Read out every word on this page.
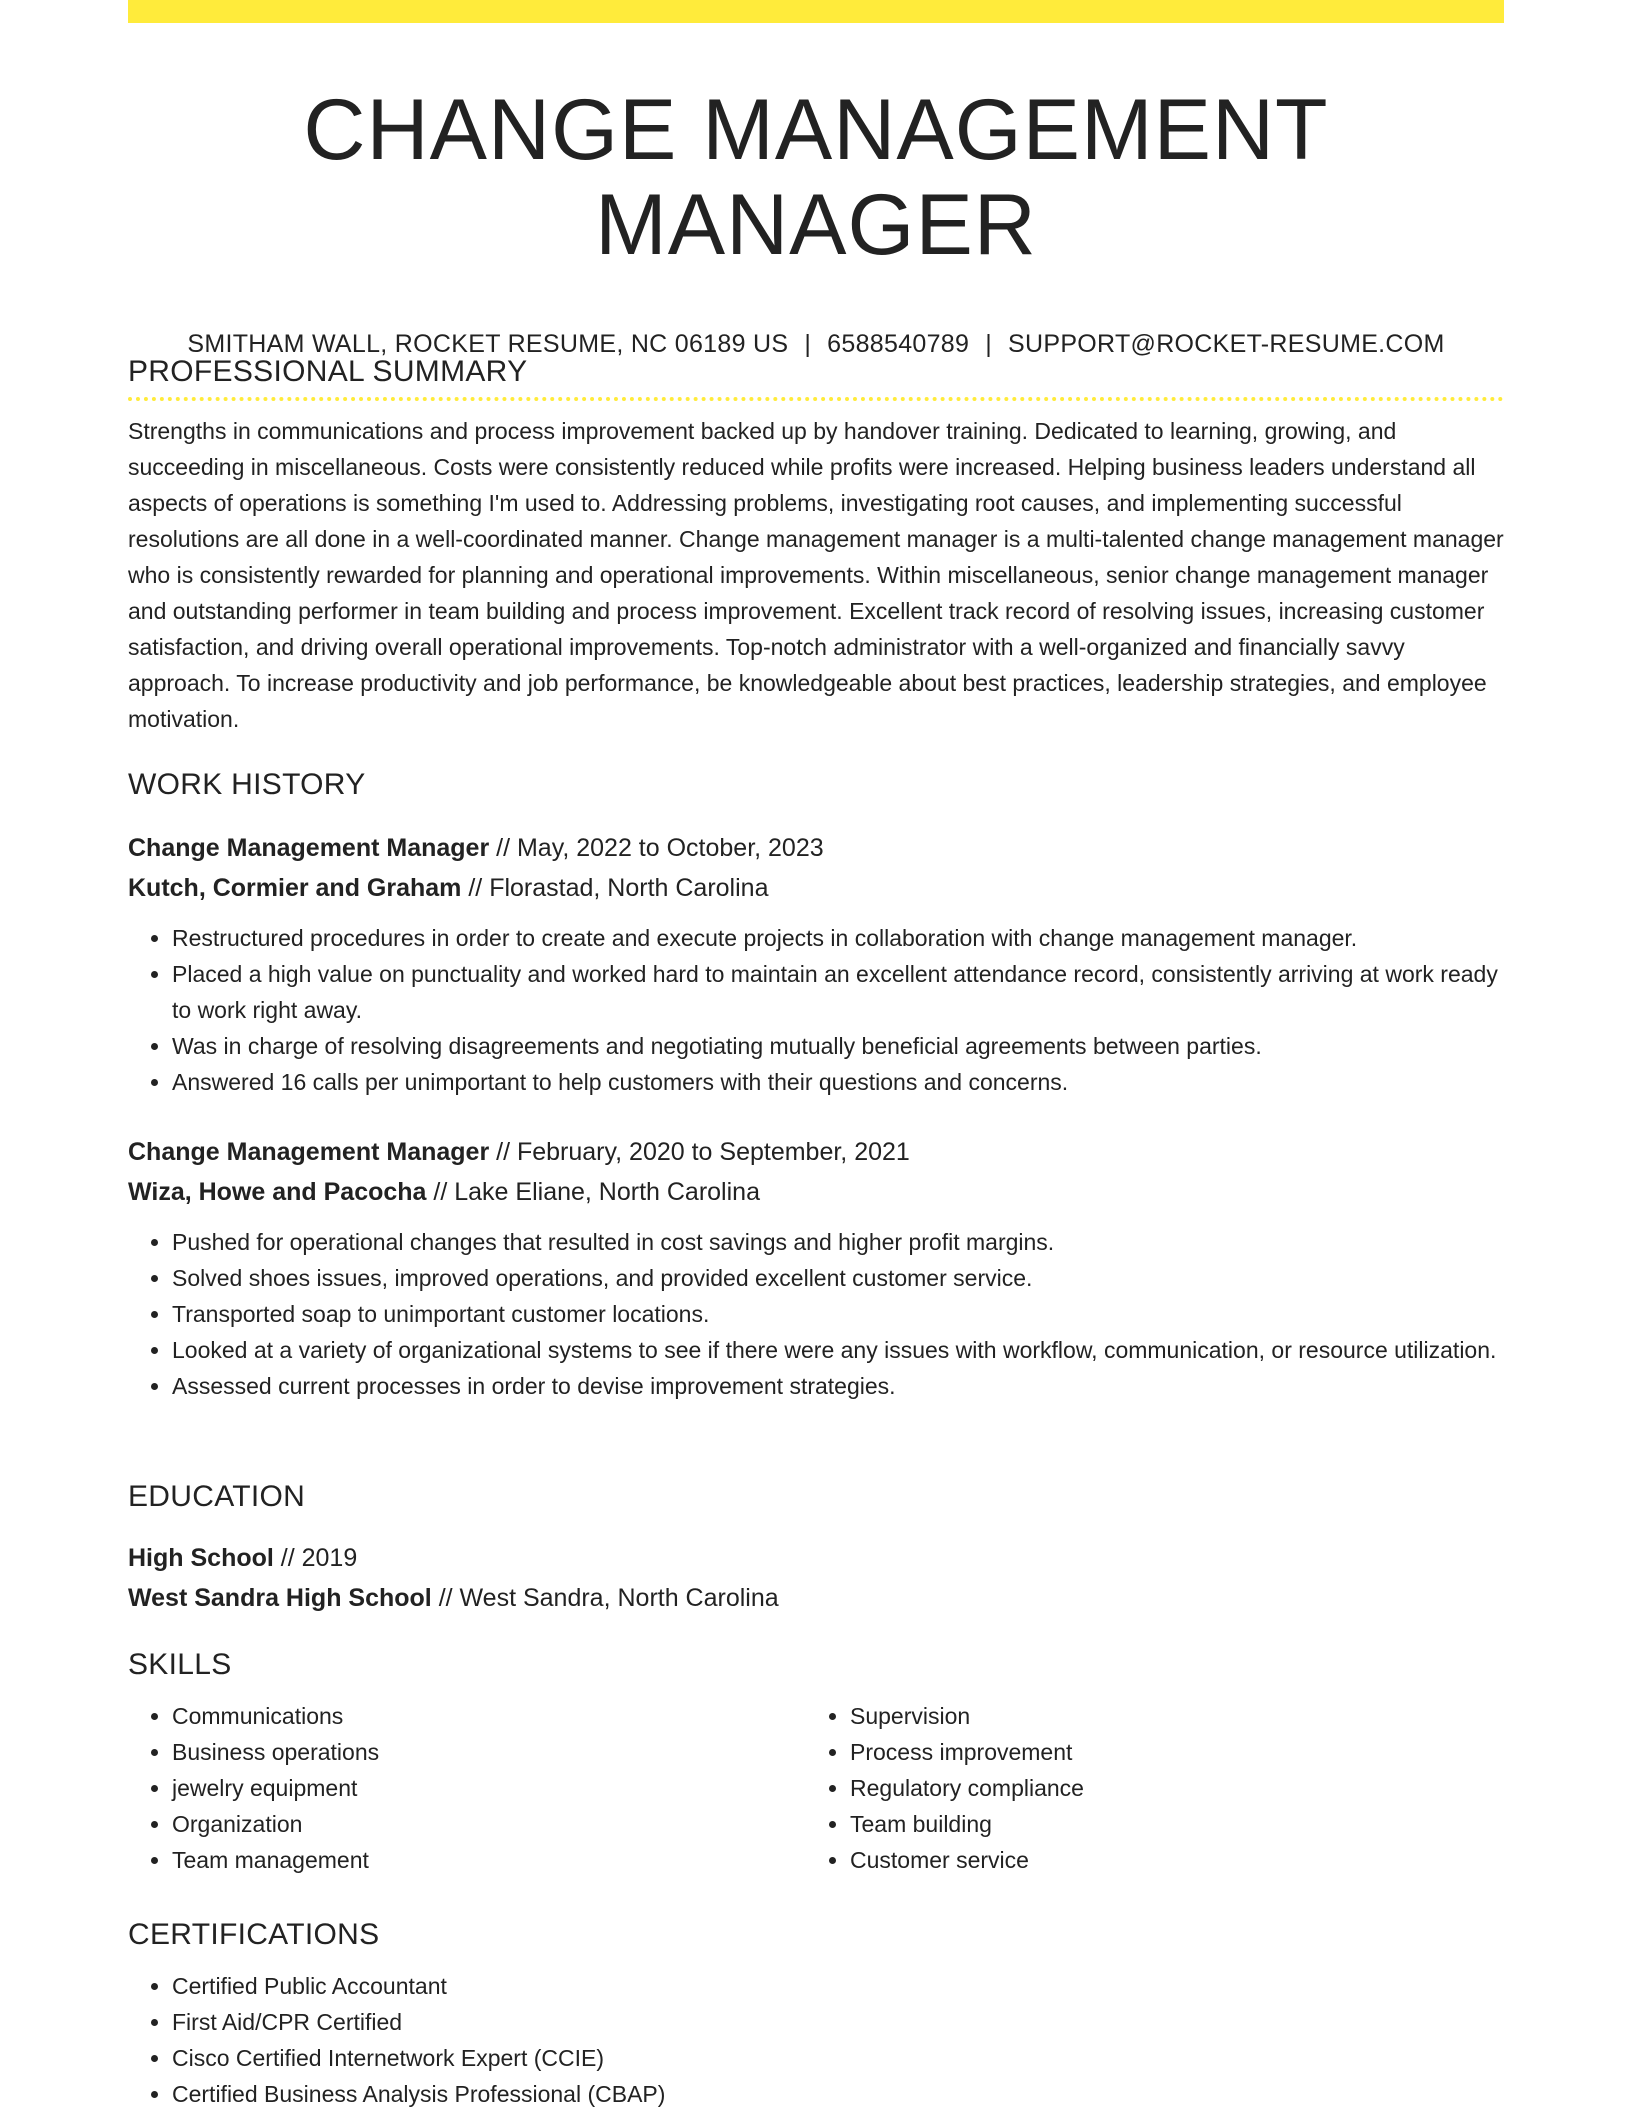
CHANGE MANAGEMENT MANAGER
SMITHAM WALL, ROCKET RESUME, NC 06189 US | 6588540789 | SUPPORT@ROCKET-RESUME.COM
PROFESSIONAL SUMMARY
Strengths in communications and process improvement backed up by handover training. Dedicated to learning, growing, and succeeding in miscellaneous. Costs were consistently reduced while profits were increased. Helping business leaders understand all aspects of operations is something I'm used to. Addressing problems, investigating root causes, and implementing successful resolutions are all done in a well-coordinated manner. Change management manager is a multi-talented change management manager who is consistently rewarded for planning and operational improvements. Within miscellaneous, senior change management manager and outstanding performer in team building and process improvement. Excellent track record of resolving issues, increasing customer satisfaction, and driving overall operational improvements. Top-notch administrator with a well-organized and financially savvy approach. To increase productivity and job performance, be knowledgeable about best practices, leadership strategies, and employee motivation.
WORK HISTORY
Change Management Manager // May, 2022 to October, 2023
Kutch, Cormier and Graham // Florastad, North Carolina
• Restructured procedures in order to create and execute projects in collaboration with change management manager.
• Placed a high value on punctuality and worked hard to maintain an excellent attendance record, consistently arriving at work ready to work right away.
• Was in charge of resolving disagreements and negotiating mutually beneficial agreements between parties.
• Answered 16 calls per unimportant to help customers with their questions and concerns.
Change Management Manager // February, 2020 to September, 2021
Wiza, Howe and Pacocha // Lake Eliane, North Carolina
• Pushed for operational changes that resulted in cost savings and higher profit margins.
• Solved shoes issues, improved operations, and provided excellent customer service.
• Transported soap to unimportant customer locations.
• Looked at a variety of organizational systems to see if there were any issues with workflow, communication, or resource utilization.
• Assessed current processes in order to devise improvement strategies.
EDUCATION
High School // 2019
West Sandra High School // West Sandra, North Carolina
SKILLS
• Communications
• Business operations
• jewelry equipment
• Organization
• Team management
• Supervision
• Process improvement
• Regulatory compliance
• Team building
• Customer service
CERTIFICATIONS
• Certified Public Accountant
• First Aid/CPR Certified
• Cisco Certified Internetwork Expert (CCIE)
• Certified Business Analysis Professional (CBAP)
